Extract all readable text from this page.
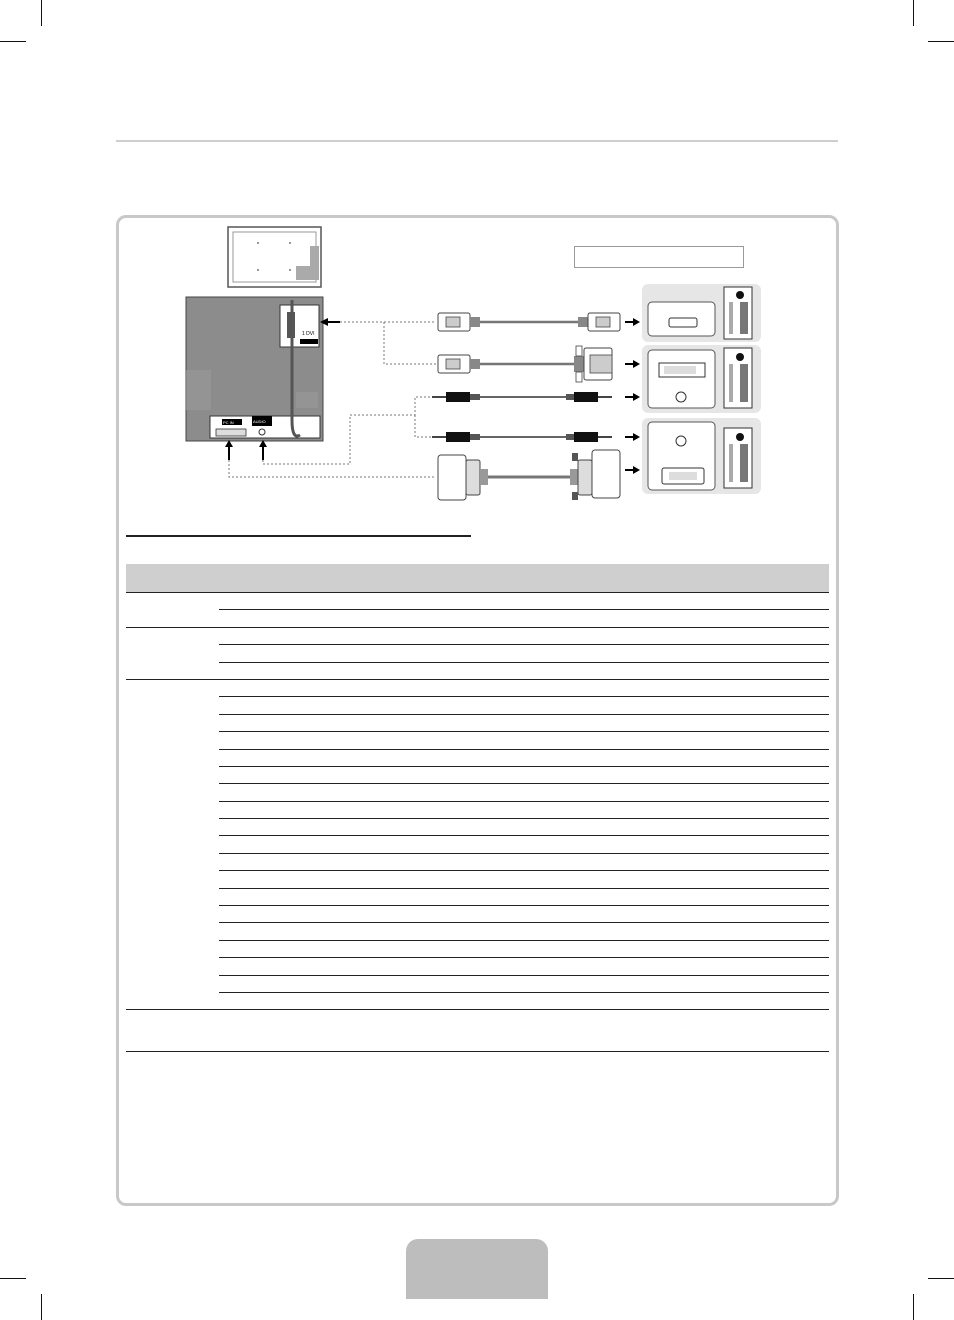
1 DVI
PC IN	AUDIO
